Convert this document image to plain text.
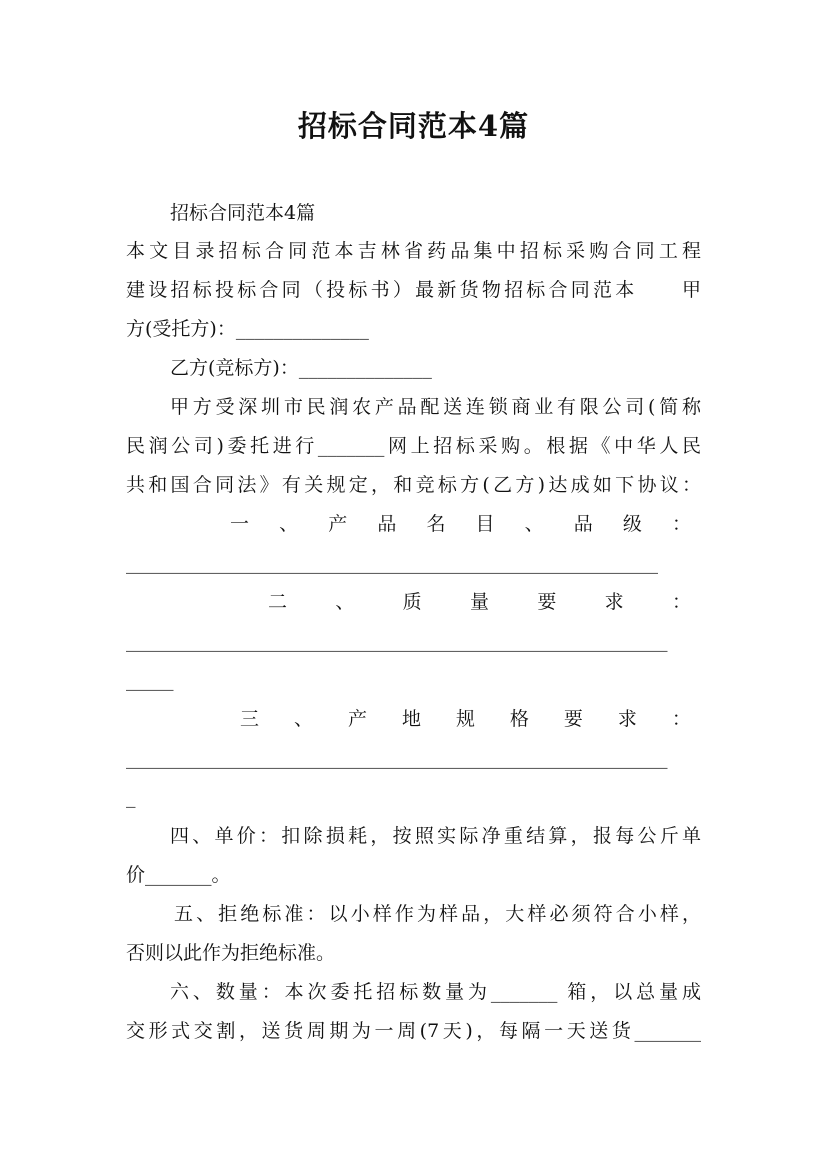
招标合同范本4篇
招标合同范本4篇
本文目录招标合同范本吉林省药品集中招标采购合同工程
建设招标投标合同（投标书）最新货物招标合同范本　　甲
方(受托方)：______________
乙方(竞标方)：______________
甲方受深圳市民润农产品配送连锁商业有限公司(简称
民润公司)委托进行_______网上招标采购。根据《中华人民
共和国合同法》有关规定，和竞标方(乙方)达成如下协议：
一 、 产 品 名 目 、 品 级 ：
________________________________________________________
二	、	质	量	要	求	：
_________________________________________________________
_____
三 、 产 地 规 格 要 求 ：
_________________________________________________________
_
四、单价：扣除损耗，按照实际净重结算，报每公斤单
价_______。
五、拒绝标准：以小样作为样品，大样必须符合小样，
否则以此作为拒绝标准。
六、数量：本次委托招标数量为_______ 箱，以总量成
交形式交割，送货周期为一周(7天)，每隔一天送货_______
